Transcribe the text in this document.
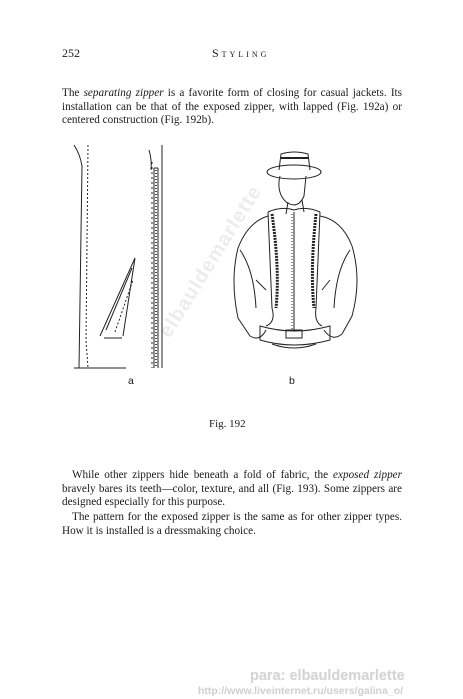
252	Styling

The separating zipper is a favorite form of closing for casual jackets. Its installation can be that of the exposed zipper, with lapped (Fig. 192a) or centered construction (Fig. 192b).

a	b
Fig. 192

While other zippers hide beneath a fold of fabric, the exposed zipper bravely bares its teeth—color, texture, and all (Fig. 193). Some zippers are designed especially for this purpose.

The pattern for the exposed zipper is the same as for other zipper types. How it is installed is a dressmaking choice.

elbauldemarlette
para: elbauldemarlette
http://www.liveinternet.ru/users/galina_o/
